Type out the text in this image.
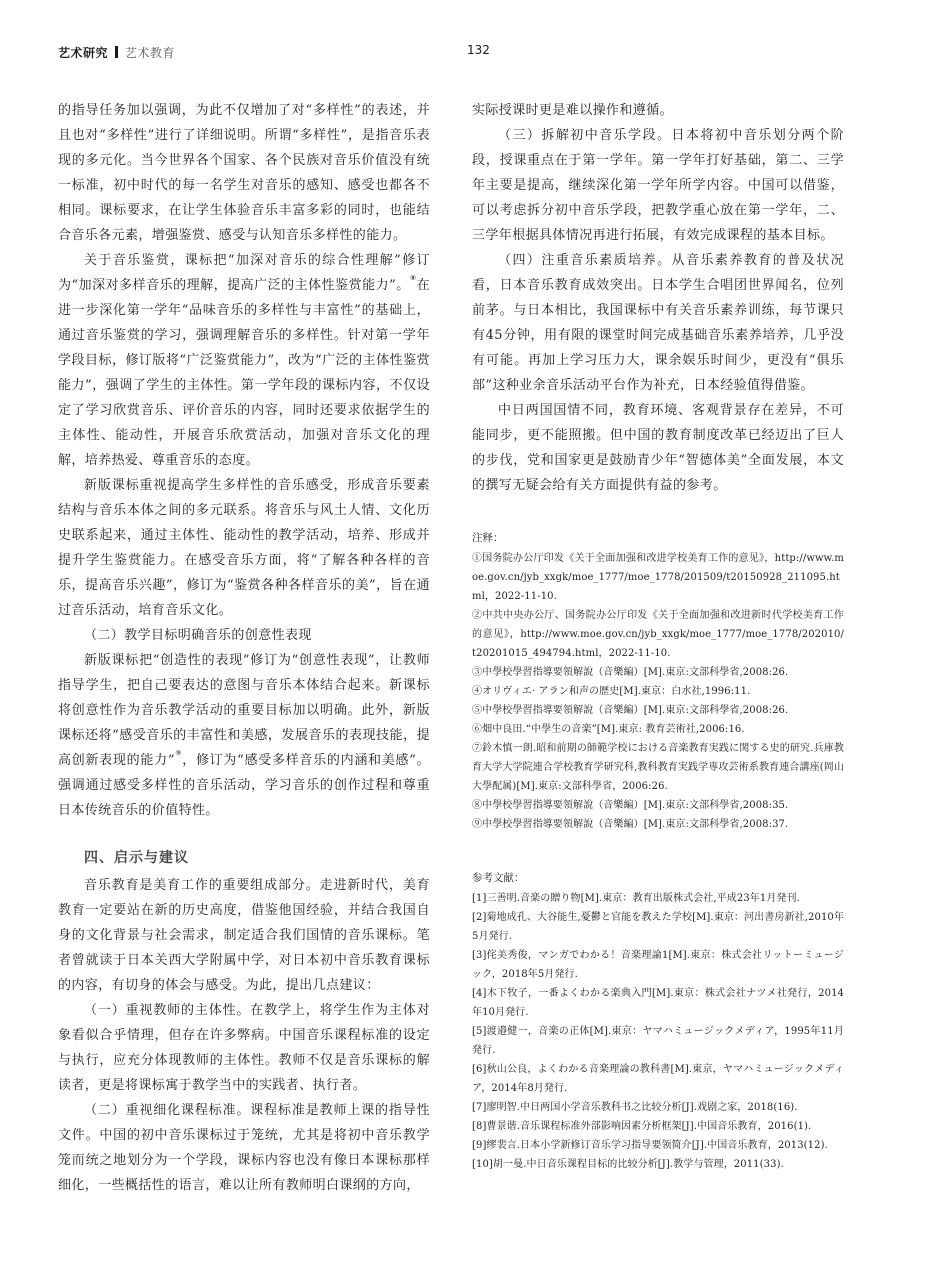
艺术研究 艺术教育	132

的指导任务加以强调，为此不仅增加了对“多样性”的表述，并且也对“多样性”进行了详细说明。所谓“多样性”，是指音乐表现的多元化。当今世界各个国家、各个民族对音乐价值没有统一标准，初中时代的每一名学生对音乐的感知、感受也都各不相同。课标要求，在让学生体验音乐丰富多彩的同时，也能结合音乐各元素，增强鉴赏、感受与认知音乐多样性的能力。

关于音乐鉴赏，课标把“加深对音乐的综合性理解”修订为“加深对多样音乐的理解，提高广泛的主体性鉴赏能力”。⑧在进一步深化第一学年“品味音乐的多样性与丰富性”的基础上，通过音乐鉴赏的学习，强调理解音乐的多样性。针对第一学年学段目标，修订版将“广泛鉴赏能力”，改为“广泛的主体性鉴赏能力”，强调了学生的主体性。第一学年段的课标内容，不仅设定了学习欣赏音乐、评价音乐的内容，同时还要求依据学生的主体性、能动性，开展音乐欣赏活动，加强对音乐文化的理解，培养热爱、尊重音乐的态度。

新版课标重视提高学生多样性的音乐感受，形成音乐要素结构与音乐本体之间的多元联系。将音乐与风土人情、文化历史联系起来，通过主体性、能动性的教学活动，培养、形成并提升学生鉴赏能力。在感受音乐方面，将“了解各种各样的音乐，提高音乐兴趣”，修订为“鉴赏各种各样音乐的美”，旨在通过音乐活动，培育音乐文化。

（二）教学目标明确音乐的创意性表现

新版课标把“创造性的表现”修订为“创意性表现”，让教师指导学生，把自己要表达的意图与音乐本体结合起来。新课标将创意性作为音乐教学活动的重要目标加以明确。此外，新版课标还将“感受音乐的丰富性和美感，发展音乐的表现技能，提高创新表现的能力”⑨，修订为“感受多样音乐的内涵和美感”。强调通过感受多样性的音乐活动，学习音乐的创作过程和尊重日本传统音乐的价值特性。

四、启示与建议

音乐教育是美育工作的重要组成部分。走进新时代，美育教育一定要站在新的历史高度，借鉴他国经验，并结合我国自身的文化背景与社会需求，制定适合我们国情的音乐课标。笔者曾就读于日本关西大学附属中学，对日本初中音乐教育课标的内容，有切身的体会与感受。为此，提出几点建议：

（一）重视教师的主体性。在教学上，将学生作为主体对象看似合乎情理，但存在许多弊病。中国音乐课程标准的设定与执行，应充分体现教师的主体性。教师不仅是音乐课标的解读者，更是将课标寓于教学当中的实践者、执行者。

（二）重视细化课程标准。课程标准是教师上课的指导性文件。中国的初中音乐课标过于笼统，尤其是将初中音乐教学笼而统之地划分为一个学段，课标内容也没有像日本课标那样细化，一些概括性的语言，难以让所有教师明白课纲的方向，

实际授课时更是难以操作和遵循。

（三）拆解初中音乐学段。日本将初中音乐划分两个阶段，授课重点在于第一学年。第一学年打好基础，第二、三学年主要是提高，继续深化第一学年所学内容。中国可以借鉴，可以考虑拆分初中音乐学段，把教学重心放在第一学年，二、三学年根据具体情况再进行拓展，有效完成课程的基本目标。

（四）注重音乐素质培养。从音乐素养教育的普及状况看，日本音乐教育成效突出。日本学生合唱团世界闻名，位列前茅。与日本相比，我国课标中有关音乐素养训练，每节课只有45分钟，用有限的课堂时间完成基础音乐素养培养，几乎没有可能。再加上学习压力大，课余娱乐时间少，更没有“俱乐部”这种业余音乐活动平台作为补充，日本经验值得借鉴。

中日两国国情不同，教育环境、客观背景存在差异，不可能同步，更不能照搬。但中国的教育制度改革已经迈出了巨人的步伐，党和国家更是鼓励青少年“智德体美”全面发展，本文的撰写无疑会给有关方面提供有益的参考。

注释：
①国务院办公厅印发《关于全面加强和改进学校美育工作的意见》，http://www.moe.gov.cn/jyb_xxgk/moe_1777/moe_1778/201509/t20150928_211095.html，2022-11-10.
②中共中央办公厅、国务院办公厅印发《关于全面加强和改进新时代学校美育工作的意见》，http://www.moe.gov.cn/jyb_xxgk/moe_1777/moe_1778/202010/t20201015_494794.html，2022-11-10.
③中學校學習指導要領解說（音樂編）[M].東京:文部科學省,2008:26.
④オリヴィエ· アラン和声の歴史[M].東京：白水社,1996:11.
⑤中學校學習指導要領解說（音樂編）[M].東京:文部科學省,2008:26.
⑥畑中良田.“中學生の音楽”[M].東京: 教育芸術社,2006:16.
⑦鈴木慎一朗.昭和前期の師範学校における音楽教育実践に関する史的研究.兵庫教育大学大学院連合学校教育学研究科,教科教育実践学専攻芸術系教育連合講座(岡山大學配属)[M].東京:文部科學省，2006:26.
⑧中學校學習指導要領解說（音樂編）[M].東京:文部科學省,2008:35.
⑨中學校學習指導要領解說（音樂編）[M].東京:文部科學省,2008:37.
参考文献：
[1]三善明.音楽の贈り物[M].東京：教育出版株式会社,平成23年1月発刊.
[2]菊地成孔、大谷能生,憂鬱と官能を教えた学校[M].東京：河出書房新社,2010年5月発行.
[3]侘美秀俊，マンガでわかる！音楽理論1[M].東京：株式会社リットーミュージック，2018年5月発行.
[4]木下牧子，一番よくわかる楽典入門[M].東京：株式会社ナツメ社発行，2014年10月発行.
[5]渡邉健一，音楽の正体[M].東京：ヤマハミュージックメディア，1995年11月発行.
[6]秋山公良，よくわかる音楽理論の教科書[M].東京，ヤマハミュージックメディア，2014年8月発行.
[7]廖明智.中日两国小学音乐教科书之比较分析[J].戏剧之家，2018(16).
[8]曹景谐.音乐课程标准外部影响因素分析框架[J].中国音乐教育，2016(1).
[9]缪裴言.日本小学新修订音乐学习指导要领简介[J].中国音乐教育，2013(12).
[10]胡一曼.中日音乐课程目标的比较分析[J].教学与管理，2011(33).
